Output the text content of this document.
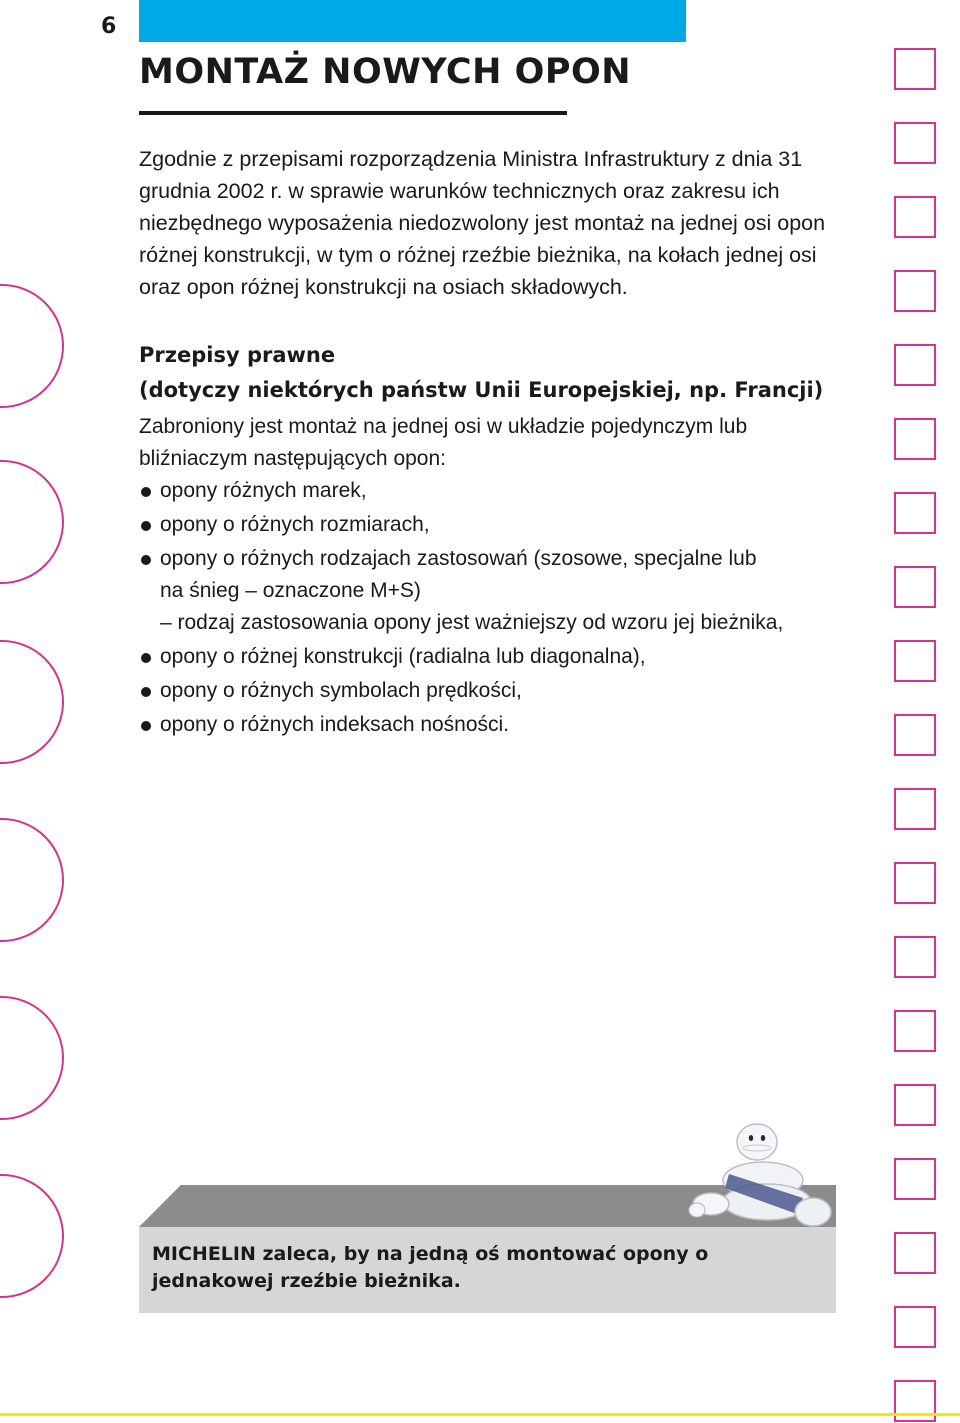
6
MONTAŻ NOWYCH OPON

Zgodnie z przepisami rozporządzenia Ministra Infrastruktury z dnia 31 grudnia 2002 r. w sprawie warunków technicznych oraz zakresu ich niezbędnego wyposażenia niedozwolony jest montaż na jednej osi opon różnej konstrukcji, w tym o różnej rzeźbie bieżnika, na kołach jednej osi oraz opon różnej konstrukcji na osiach składowych.

Przepisy prawne
(dotyczy niektórych państw Unii Europejskiej, np. Francji)

Zabroniony jest montaż na jednej osi w układzie pojedynczym lub bliźniaczym następujących opon:

opony różnych marek,
opony o różnych rozmiarach,
opony o różnych rodzajach zastosowań (szosowe, specjalne lub
na śnieg – oznaczone M+S)
– rodzaj zastosowania opony jest ważniejszy od wzoru jej bieżnika,
opony o różnej konstrukcji (radialna lub diagonalna),
opony o różnych symbolach prędkości,
opony o różnych indeksach nośności.

MICHELIN zaleca, by na jedną oś montować opony o jednakowej rzeźbie bieżnika.
